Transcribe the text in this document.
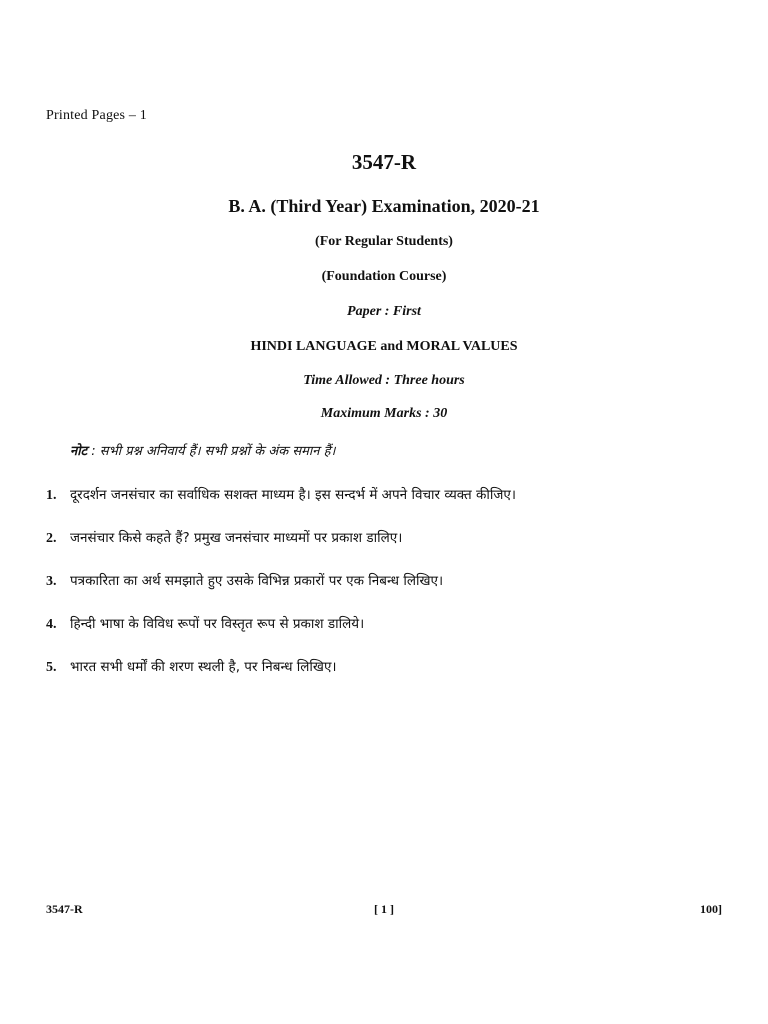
Printed Pages – 1
3547-R
B. A. (Third Year) Examination, 2020-21
(For Regular Students)
(Foundation Course)
Paper : First
HINDI LANGUAGE and MORAL VALUES
Time Allowed : Three hours
Maximum Marks : 30
नोट : सभी प्रश्न अनिवार्य हैं। सभी प्रश्नों के अंक समान हैं।
1. दूरदर्शन जनसंचार का सर्वाधिक सशक्त माध्यम है। इस सन्दर्भ में अपने विचार व्यक्त कीजिए।
2. जनसंचार किसे कहते हैं? प्रमुख जनसंचार माध्यमों पर प्रकाश डालिए।
3. पत्रकारिता का अर्थ समझाते हुए उसके विभिन्न प्रकारों पर एक निबन्ध लिखिए।
4. हिन्दी भाषा के विविध रूपों पर विस्तृत रूप से प्रकाश डालिये।
5. भारत सभी धर्मों की शरण स्थली है, पर निबन्ध लिखिए।
3547-R	[ 1 ]	100]
